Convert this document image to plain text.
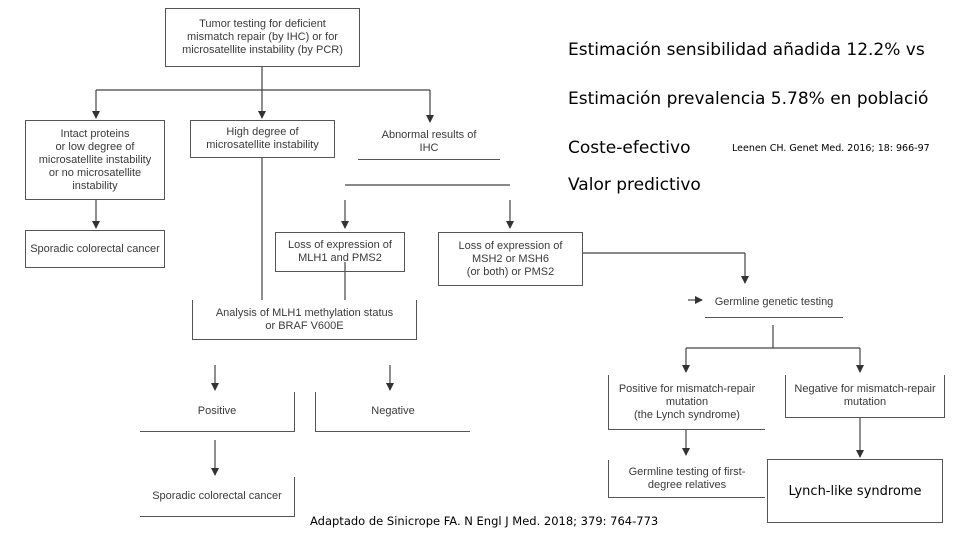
Tumor testing for deficient
mismatch repair (by IHC) or for
microsatellite instability (by PCR)
Intact proteins
or low degree of
microsatellite instability
or no microsatellite
instability
High degree of
microsatellite instability
Abnormal results of
IHC
Sporadic colorectal cancer	Loss of expression of
MLH1 and PMS2
Loss of expression of
MSH2 or MSH6
(or both) or PMS2
Analysis of MLH1 methylation status
or BRAF V600E
Germline genetic testing
Positive	Negative
Positive for mismatch-repair
mutation
(the Lynch syndrome)
Negative for mismatch-repair
mutation
Sporadic colorectal cancer
Germline testing of first-
degree relatives	Lynch-like syndrome
Estimación sensibilidad añadida 12.2% vs
Estimación prevalencia 5.78% en població
Coste-efectivo	Leenen CH. Genet Med. 2016; 18: 966-97
Valor predictivo
Adaptado de Sinicrope FA. N Engl J Med. 2018; 379: 764-773
